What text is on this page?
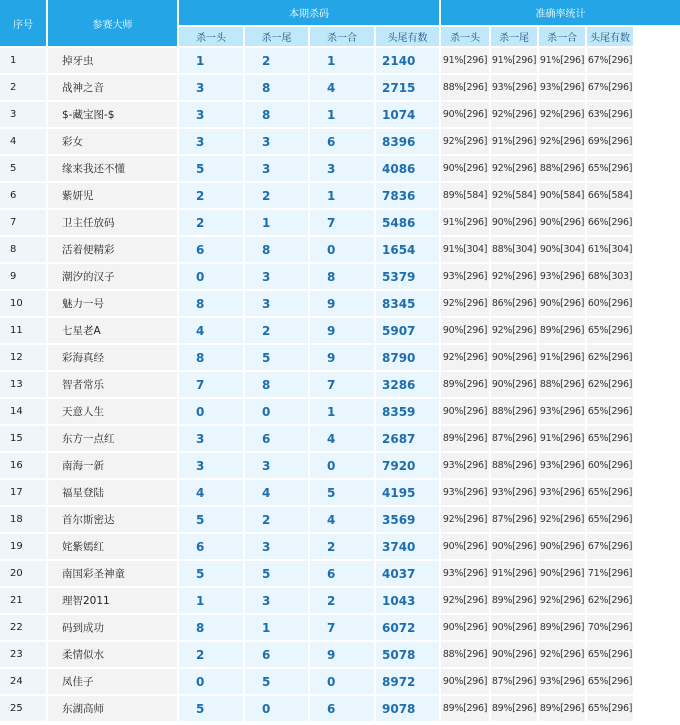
序号	参赛大师
本期杀码	准确率统计
杀一头	杀一尾	杀一合	头尾有数	杀一头	杀一尾	杀一合	头尾有数
1	掉牙虫	1	2	1	2140	91%[296] 91%[296] 91%[296] 67%[296]
2	战神之音	3	8	4	2715	88%[296] 93%[296] 93%[296] 67%[296]
3	$-藏宝图-$	3	8	1	1074	90%[296] 92%[296] 92%[296] 63%[296]
4	彩女	3	3	6	8396	92%[296] 91%[296] 92%[296] 69%[296]
5	缘来我还不懂	5	3	3	4086	90%[296] 92%[296] 88%[296] 65%[296]
6	紫妍児	2	2	1	7836	89%[584] 92%[584] 90%[584] 66%[584]
7	卫主任放码	2	1	7	5486	91%[296] 90%[296] 90%[296] 66%[296]
8	活着便精彩	6	8	0	1654	91%[304] 88%[304] 90%[304] 61%[304]
9	潮汐的汉子	0	3	8	5379	93%[296] 92%[296] 93%[296] 68%[303]
10	魅力一号	8	3	9	8345	92%[296] 86%[296] 90%[296] 60%[296]
11	七星老A	4	2	9	5907	90%[296] 92%[296] 89%[296] 65%[296]
12	彩海真经	8	5	9	8790	92%[296] 90%[296] 91%[296] 62%[296]
13	智者常乐	7	8	7	3286	89%[296] 90%[296] 88%[296] 62%[296]
14	天意人生	0	0	1	8359	90%[296] 88%[296] 93%[296] 65%[296]
15	东方一点红	3	6	4	2687	89%[296] 87%[296] 91%[296] 65%[296]
16	南海一新	3	3	0	7920	93%[296] 88%[296] 93%[296] 60%[296]
17	福星登陆	4	4	5	4195	93%[296] 93%[296] 93%[296] 65%[296]
18	首尔斯密达	5	2	4	3569	92%[296] 87%[296] 92%[296] 65%[296]
19	姹紫嫣红	6	3	2	3740	90%[296] 90%[296] 90%[296] 67%[296]
20	南国彩圣神童	5	5	6	4037	93%[296] 91%[296] 90%[296] 71%[296]
21	理智2011	1	3	2	1043	92%[296] 89%[296] 92%[296] 62%[296]
22	码到成功	8	1	7	6072	90%[296] 90%[296] 89%[296] 70%[296]
23	柔情似水	2	6	9	5078	88%[296] 90%[296] 92%[296] 65%[296]
24	凤佳子	0	5	0	8972	90%[296] 87%[296] 93%[296] 65%[296]
25	东湖高师	5	0	6	9078	89%[296] 89%[296] 89%[296] 65%[296]
